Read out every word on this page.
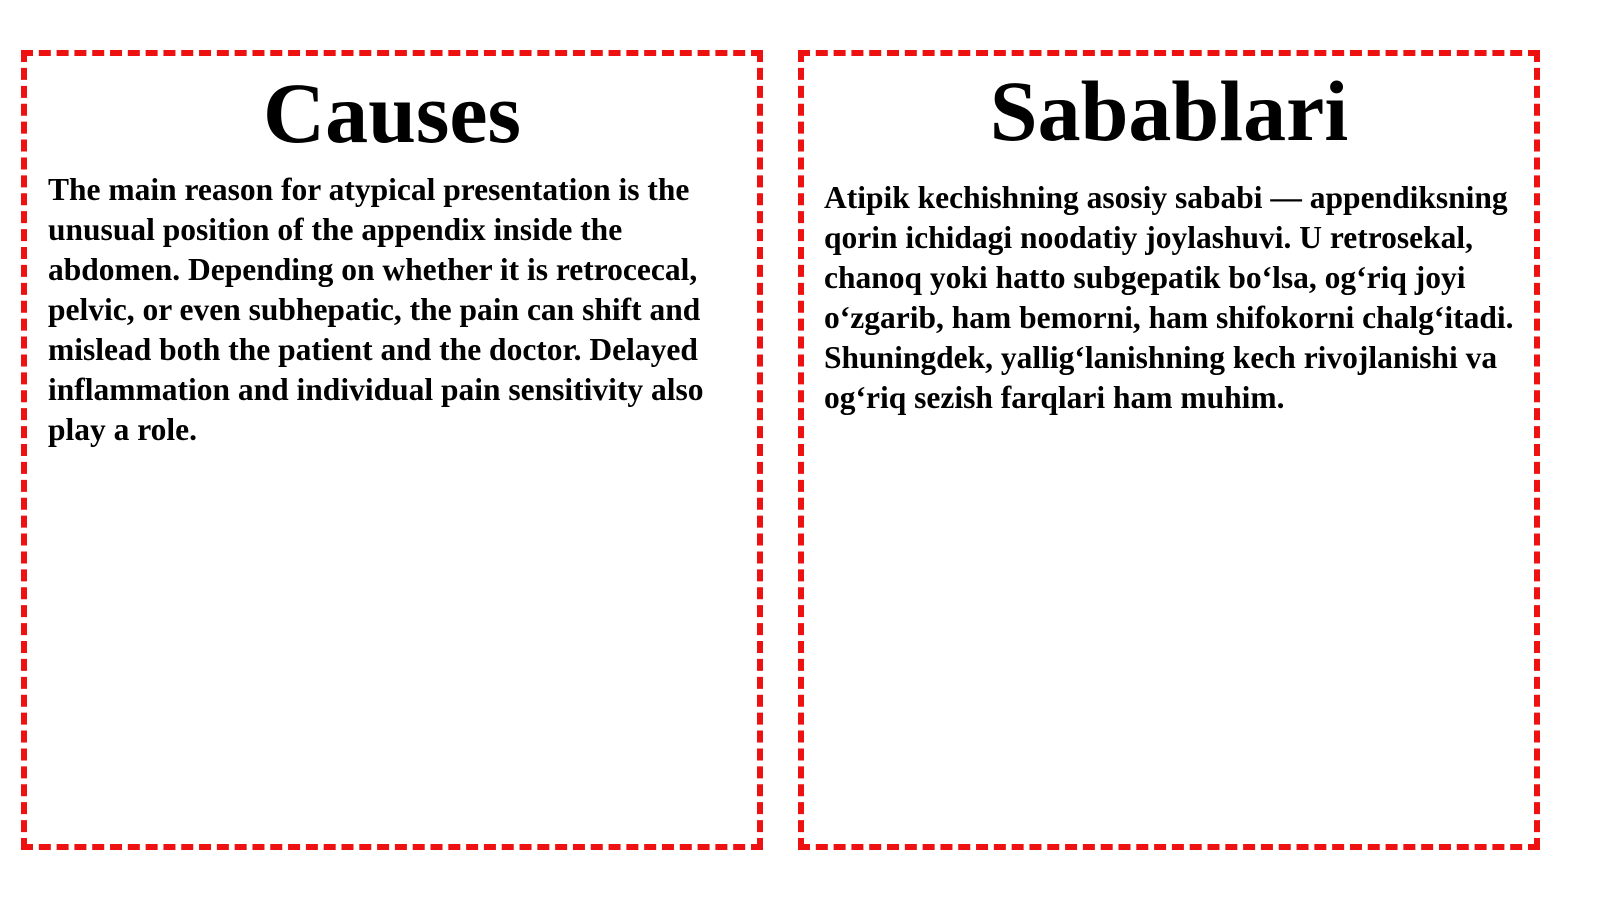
Causes

The main reason for atypical presentation is the unusual position of the appendix inside the abdomen. Depending on whether it is retrocecal, pelvic, or even subhepatic, the pain can shift and mislead both the patient and the doctor. Delayed inflammation and individual pain sensitivity also play a role.

Sabablari

Atipik kechishning asosiy sababi — appendiksning qorin ichidagi noodatiy joylashuvi. U retrosekal, chanoq yoki hatto subgepatik bo‘lsa, og‘riq joyi o‘zgarib, ham bemorni, ham shifokorni chalg‘itadi. Shuningdek, yallig‘lanishning kech rivojlanishi va og‘riq sezish farqlari ham muhim.
